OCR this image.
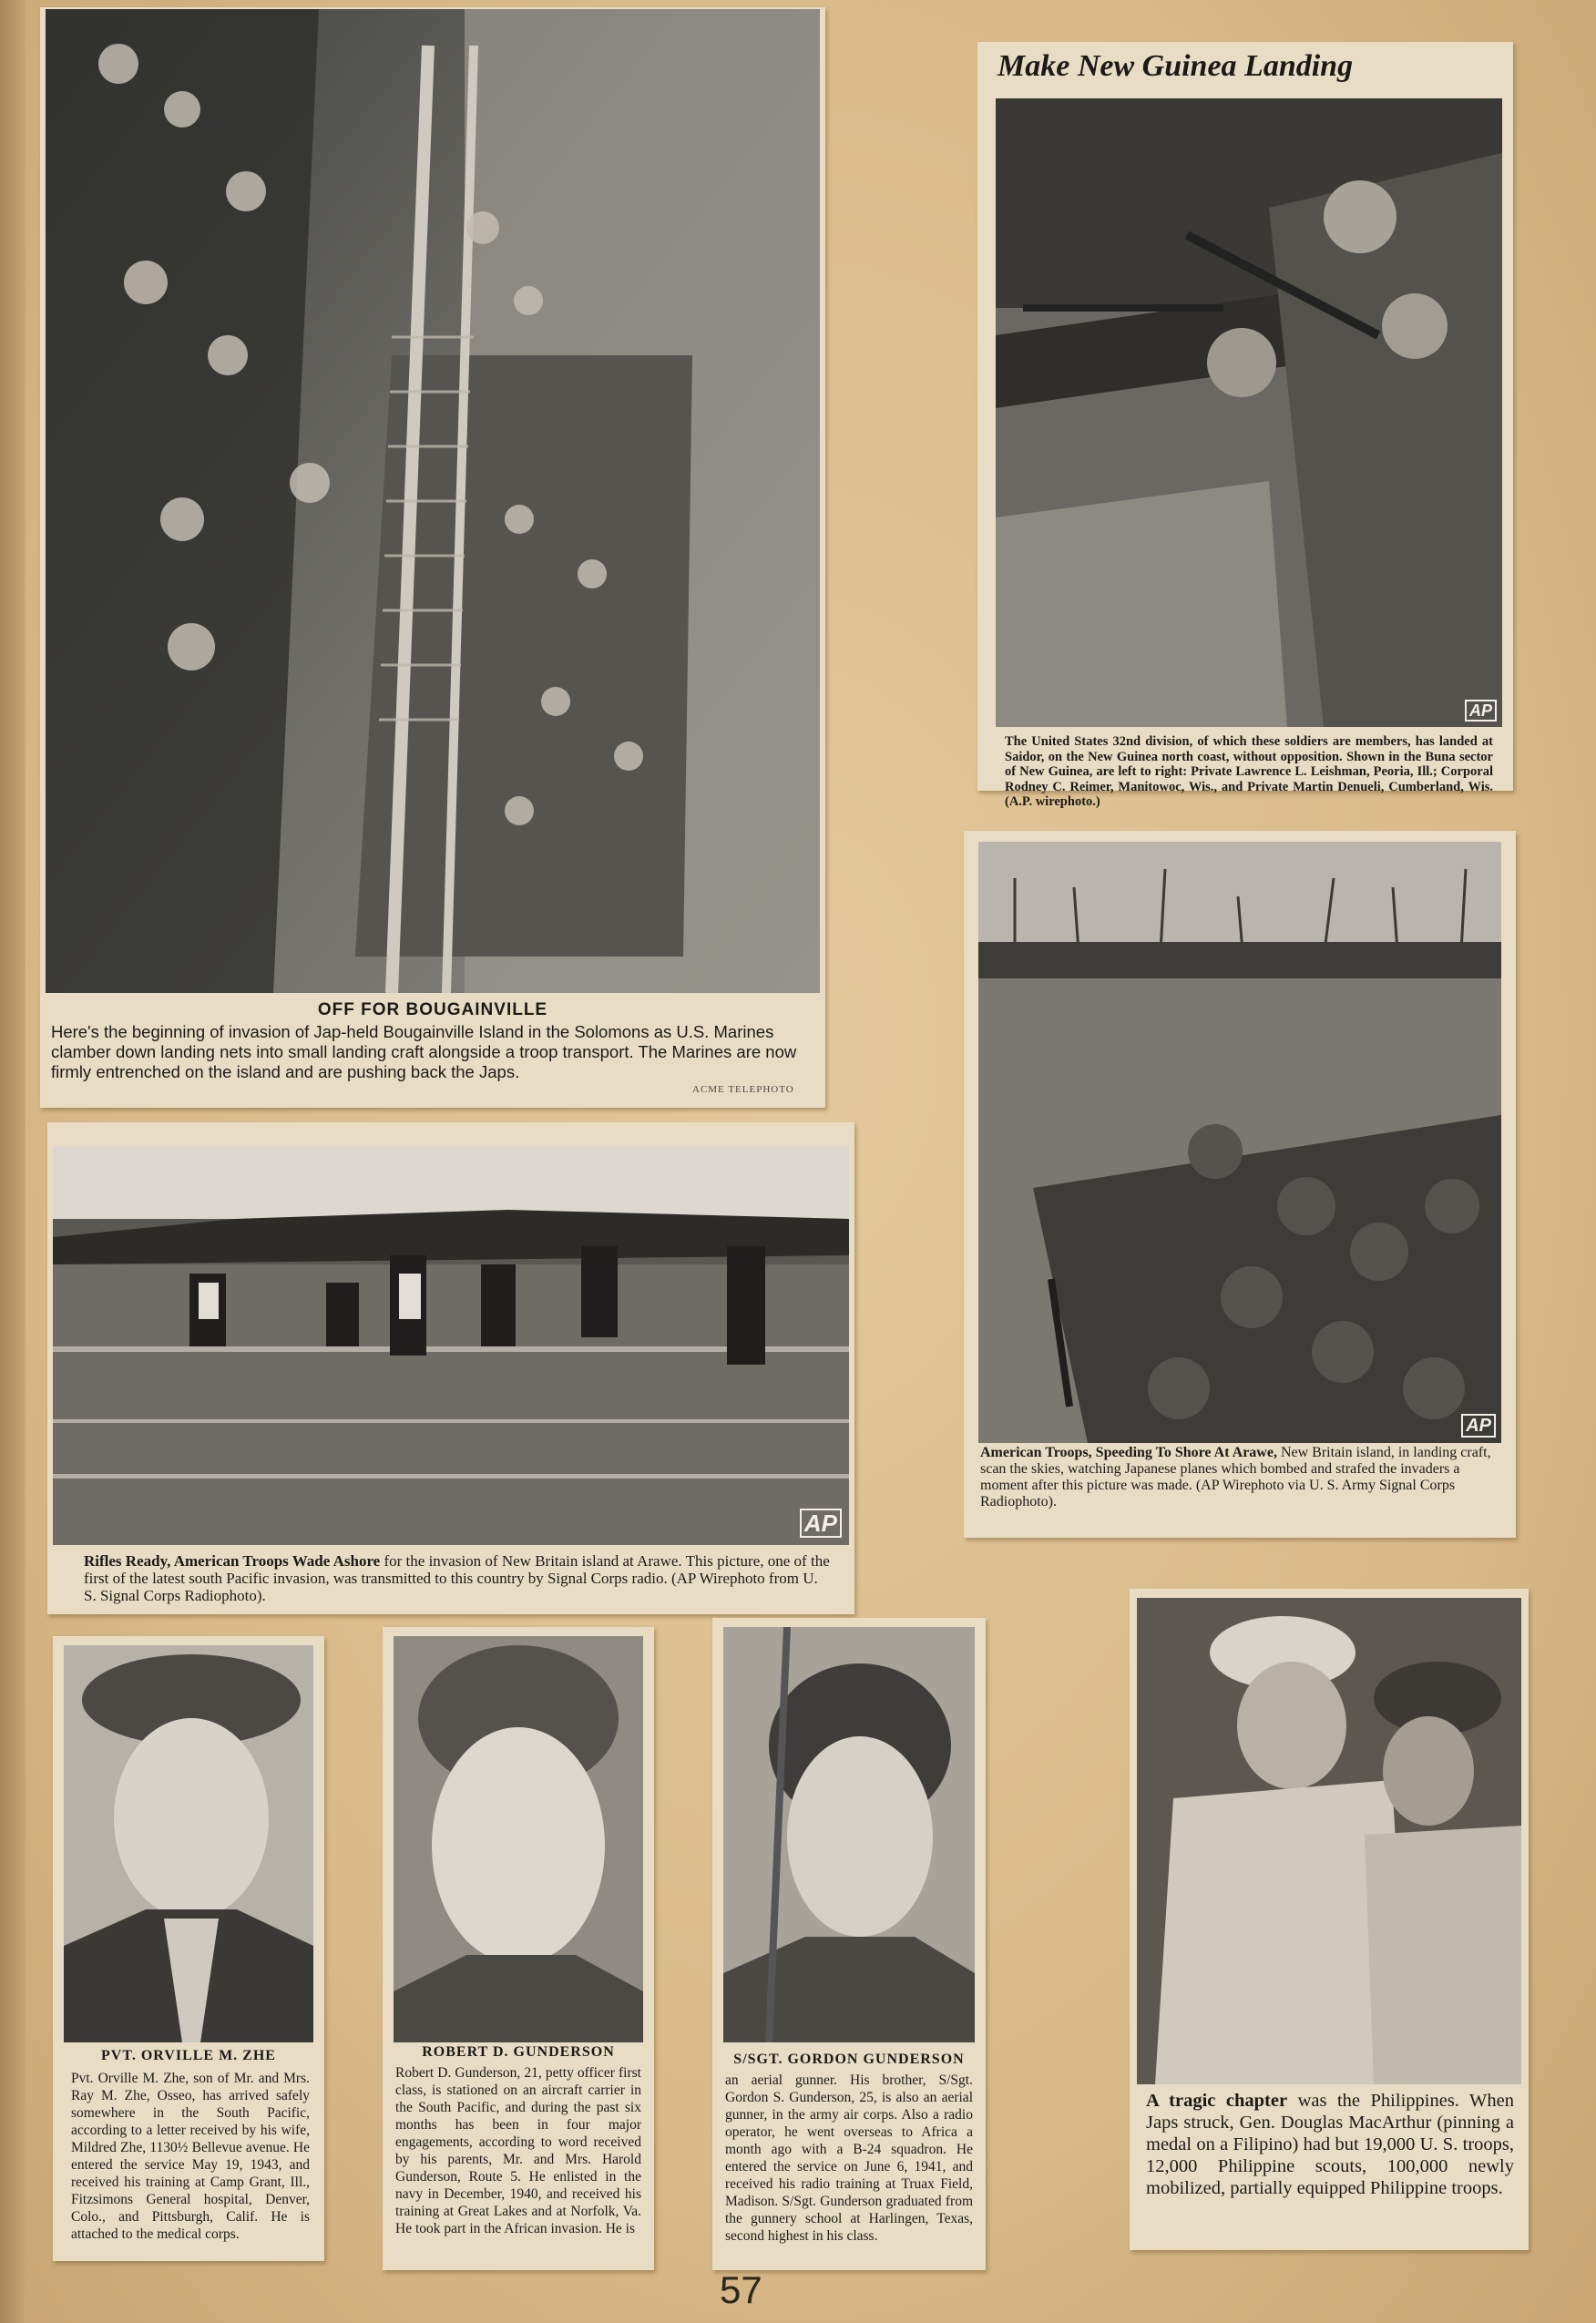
OFF FOR BOUGAINVILLE
Here's the beginning of invasion of Jap-held Bougainville Island in the Solomons as U.S. Marines clamber down landing nets into small landing craft alongside a troop transport. The Marines are now firmly entrenched on the island and are pushing back the Japs.
ACME TELEPHOTO
Make New Guinea Landing
AP
The United States 32nd division, of which these soldiers are members, has landed at Saidor, on the New Guinea north coast, without opposition. Shown in the Buna sector of New Guinea, are left to right: Private Lawrence L. Leishman, Peoria, Ill.; Corporal Rodney C. Reimer, Manitowoc, Wis., and Private Martin Denueli, Cumberland, Wis. (A.P. wirephoto.)
AP
Rifles Ready, American Troops Wade Ashore for the invasion of New Britain island at Arawe. This picture, one of the first of the latest south Pacific invasion, was transmitted to this country by Signal Corps radio. (AP Wirephoto from U. S. Signal Corps Radiophoto).
AP
American Troops, Speeding To Shore At Arawe, New Britain island, in landing craft, scan the skies, watching Japanese planes which bombed and strafed the invaders a moment after this picture was made. (AP Wirephoto via U. S. Army Signal Corps Radiophoto).
PVT. ORVILLE M. ZHE
Pvt. Orville M. Zhe, son of Mr. and Mrs. Ray M. Zhe, Osseo, has arrived safely somewhere in the South Pacific, according to a letter received by his wife, Mildred Zhe, 1130½ Bellevue avenue. He entered the service May 19, 1943, and received his training at Camp Grant, Ill., Fitzsimons General hospital, Denver, Colo., and Pittsburgh, Calif. He is attached to the medical corps.
ROBERT D. GUNDERSON
Robert D. Gunderson, 21, petty officer first class, is stationed on an aircraft carrier in the South Pacific, and during the past six months has been in four major engagements, according to word received by his parents, Mr. and Mrs. Harold Gunderson, Route 5. He enlisted in the navy in December, 1940, and received his training at Great Lakes and at Norfolk, Va. He took part in the African invasion. He is
S/SGT. GORDON GUNDERSON
an aerial gunner. His brother, S/Sgt. Gordon S. Gunderson, 25, is also an aerial gunner, in the army air corps. Also a radio operator, he went overseas to Africa a month ago with a B-24 squadron. He entered the service on June 6, 1941, and received his radio training at Truax Field, Madison. S/Sgt. Gunderson graduated from the gunnery school at Harlingen, Texas, second highest in his class.
A tragic chapter was the Philippines. When Japs struck, Gen. Douglas MacArthur (pinning a medal on a Filipino) had but 19,000 U. S. troops, 12,000 Philippine scouts, 100,000 newly mobilized, partially equipped Philippine troops.
57
